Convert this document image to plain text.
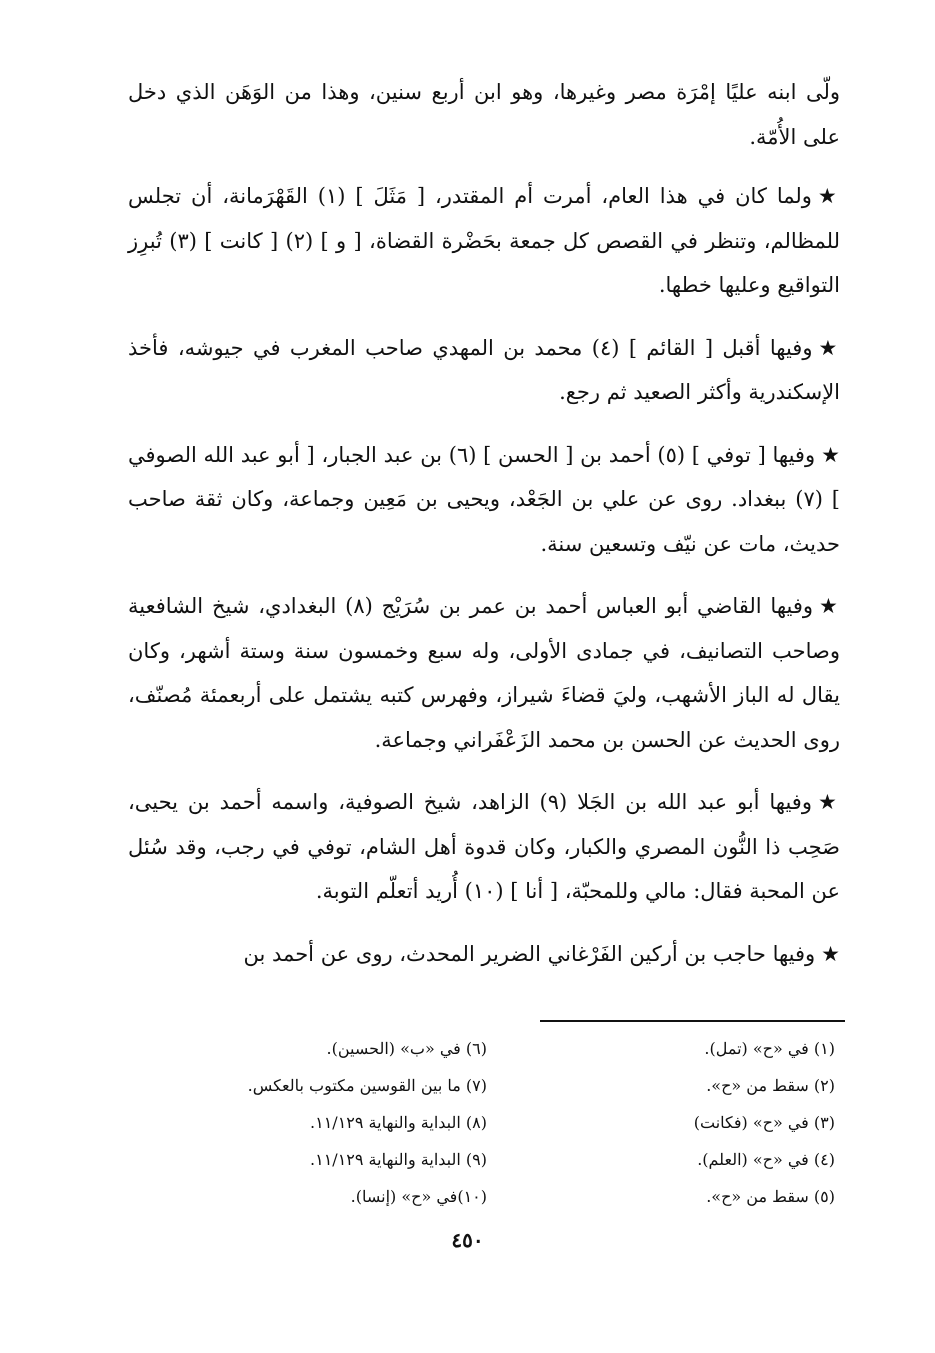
ولّى ابنه عليًا إمْرَة مصر وغيرها، وهو ابن أربع سنين، وهذا من الوَهَن الذي دخل على الأُمّة.

★ولما كان في هذا العام، أمرت أم المقتدر، [ مَثَلَ ] (١) القَهْرَمانة، أن تجلس للمظالم، وتنظر في القصص كل جمعة بحَضْرة القضاة، [ و ] (٢) [ كانت ] (٣) تُبرِز التواقيع وعليها خطها.

★وفيها أقبل [ القائم ] (٤) محمد بن المهدي صاحب المغرب في جيوشه، فأخذ الإسكندرية وأكثر الصعيد ثم رجع.

★وفيها [ توفي ] (٥) أحمد بن [ الحسن ] (٦) بن عبد الجبار، [ أبو عبد الله الصوفي ] (٧) ببغداد. روى عن علي بن الجَعْد، ويحيى بن مَعِين وجماعة، وكان ثقة صاحب حديث، مات عن نيّف وتسعين سنة.

★وفيها القاضي أبو العباس أحمد بن عمر بن سُرَيْج (٨) البغدادي، شيخ الشافعية وصاحب التصانيف، في جمادى الأولى، وله سبع وخمسون سنة وستة أشهر، وكان يقال له الباز الأشهب، وليَ قضاءَ شيراز، وفهرس كتبه يشتمل على أربعمئة مُصنّف، روى الحديث عن الحسن بن محمد الزَعْفَراني وجماعة.

★وفيها أبو عبد الله بن الجَلا (٩) الزاهد، شيخ الصوفية، واسمه أحمد بن يحيى، صَحِب ذا النُّون المصري والكبار، وكان قدوة أهل الشام، توفي في رجب، وقد سُئل عن المحبة فقال: مالي وللمحبّة، [ أنا ] (١٠) أُريد أتعلّم التوبة.

★وفيها حاجب بن أركين الفَرْغاني الضرير المحدث، روى عن أحمد بن

(١) في «ح» (تمل).
(٢) سقط من «ح».
(٣) في «ح» (فكانت)
(٤) في «ح» (العلم).
(٥) سقط من «ح».
(٦) في «ب» (الحسين).
(٧) ما بين القوسين مكتوب بالعكس.
(٨) البداية والنهاية ١١/١٢٩.
(٩) البداية والنهاية ١١/١٢٩.
(١٠)في «ح» (إنسا).
٤٥٠
